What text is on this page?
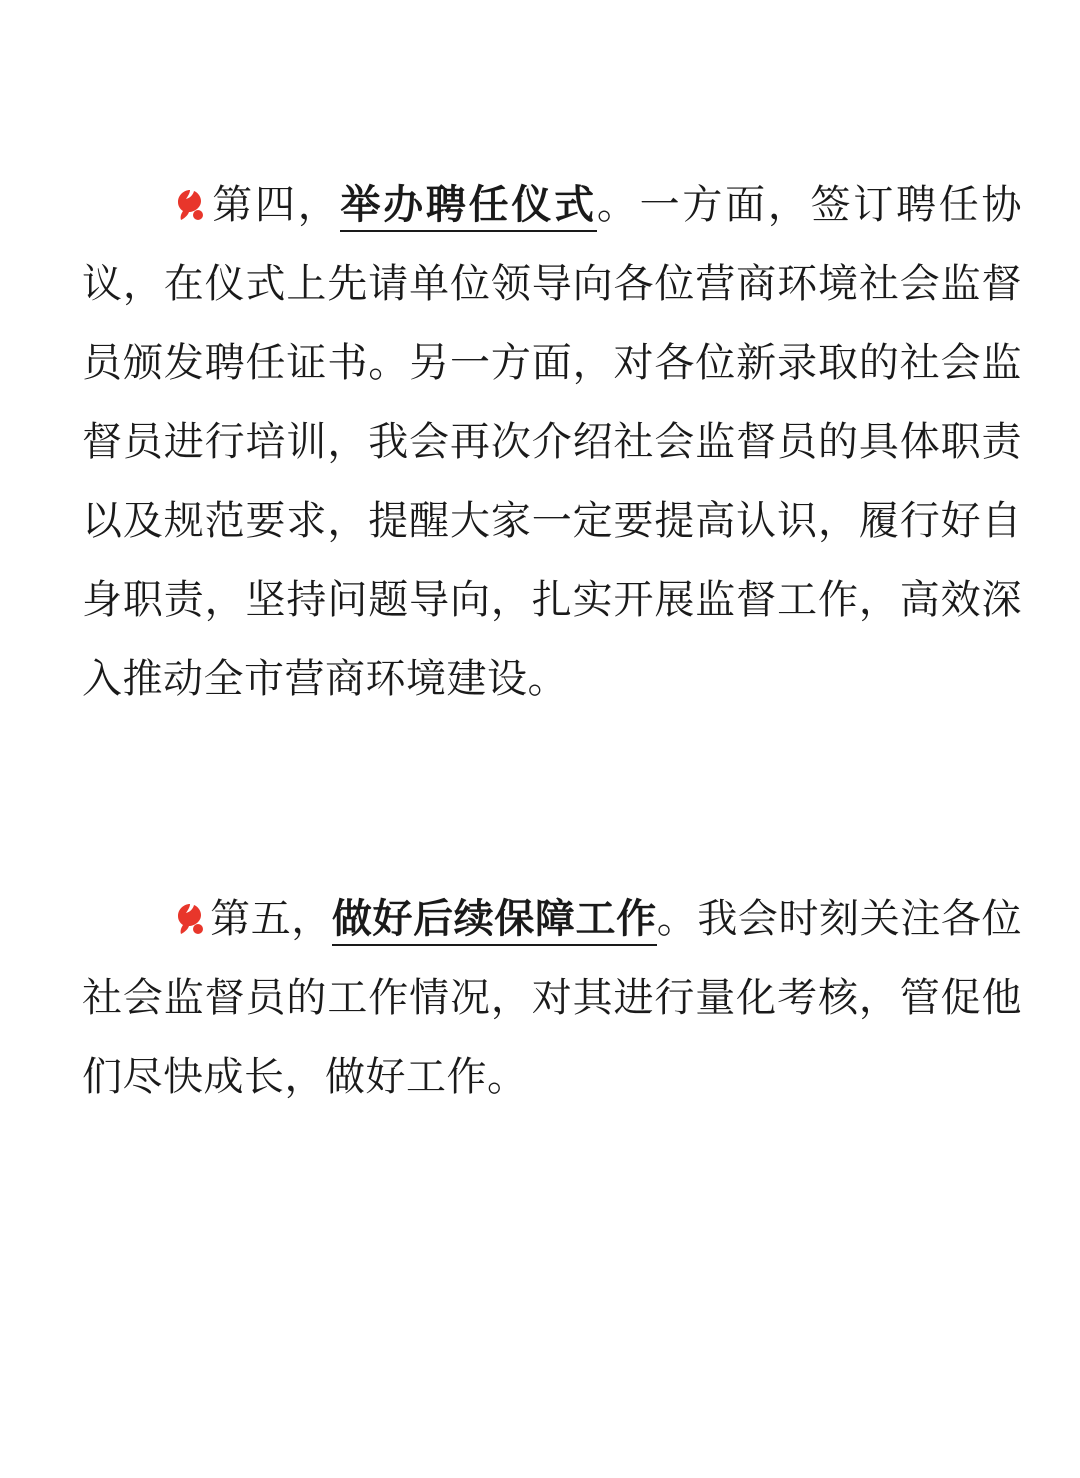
第四，举办聘任仪式。一方面，签订聘任协议，在仪式上先请单位领导向各位营商环境社会监督员颁发聘任证书。另一方面，对各位新录取的社会监督员进行培训，我会再次介绍社会监督员的具体职责以及规范要求，提醒大家一定要提高认识，履行好自身职责，坚持问题导向，扎实开展监督工作，高效深入推动全市营商环境建设。

第五，做好后续保障工作。我会时刻关注各位社会监督员的工作情况，对其进行量化考核，管促他们尽快成长，做好工作。
